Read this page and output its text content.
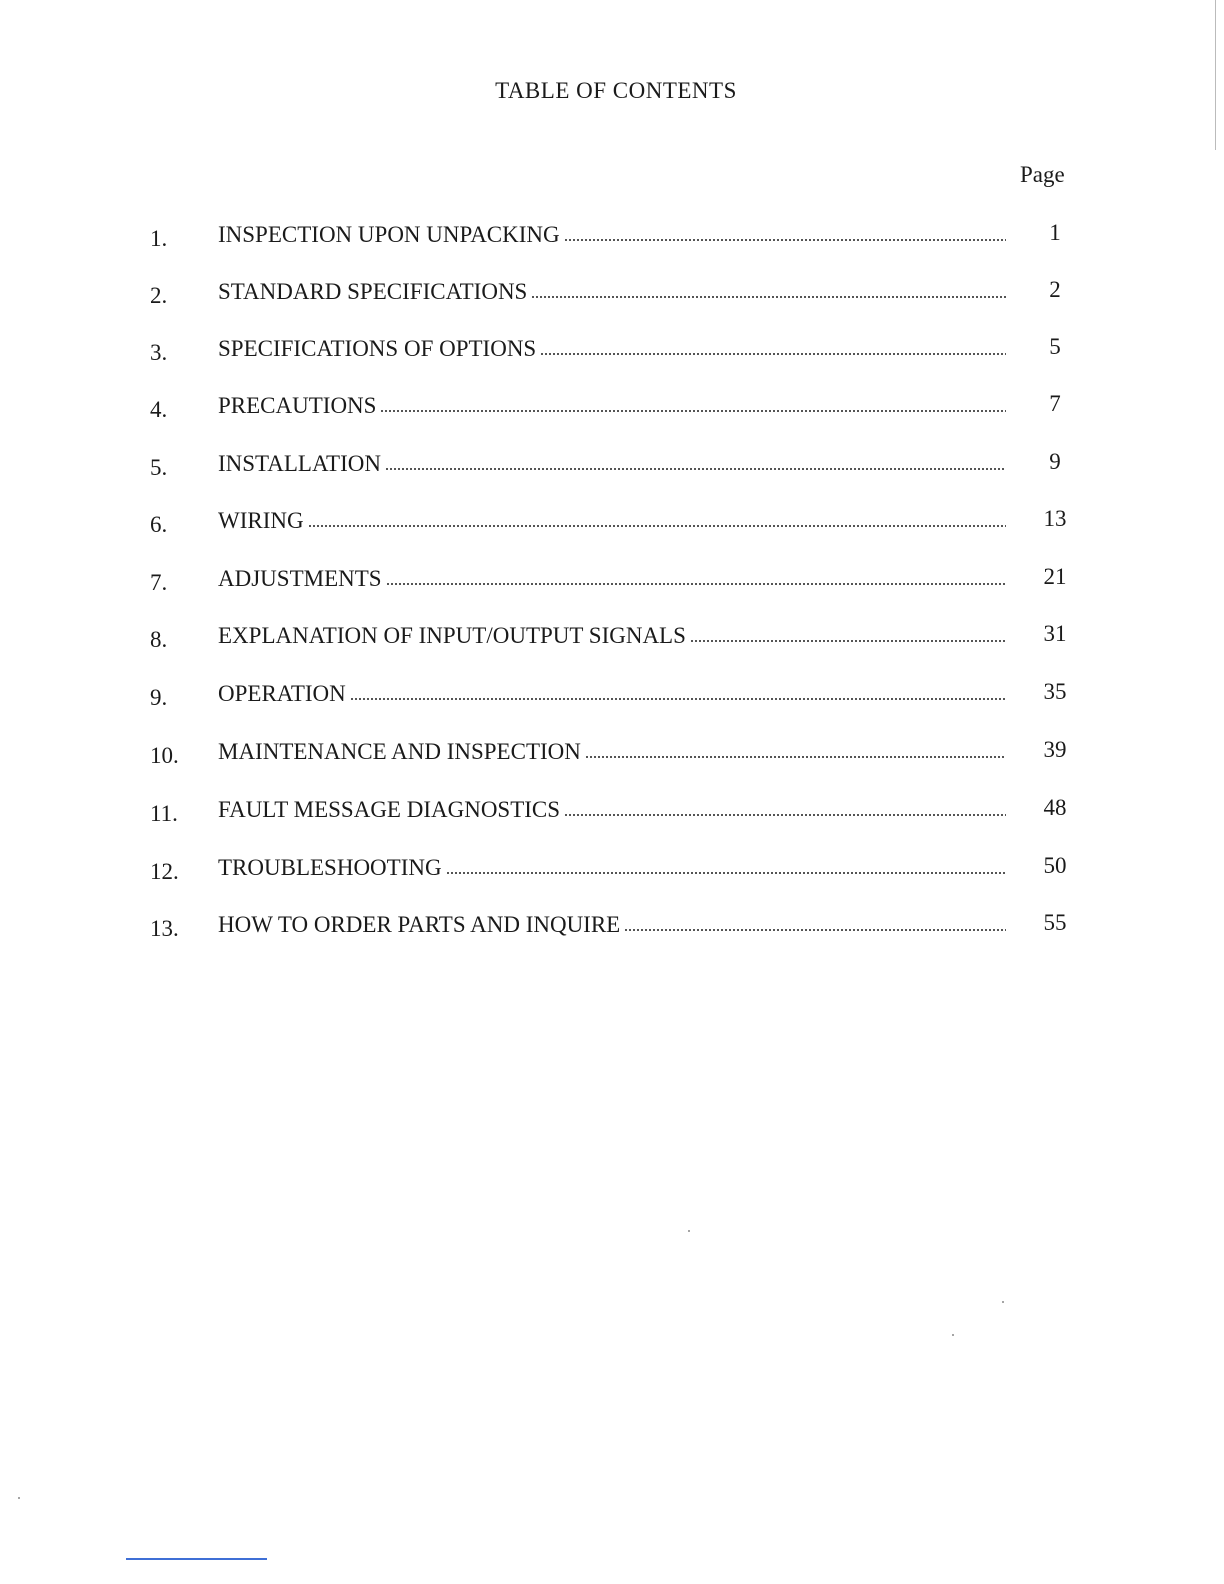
TABLE OF CONTENTS
Page
1. INSPECTION UPON UNPACKING	1
2. STANDARD SPECIFICATIONS	2
3. SPECIFICATIONS OF OPTIONS	5
4. PRECAUTIONS	7
5. INSTALLATION	9
6. WIRING	13
7. ADJUSTMENTS	21
8. EXPLANATION OF INPUT/OUTPUT SIGNALS	31
9. OPERATION	35
10. MAINTENANCE AND INSPECTION	39
11. FAULT MESSAGE DIAGNOSTICS	48
12. TROUBLESHOOTING	50
13. HOW TO ORDER PARTS AND INQUIRE	55
